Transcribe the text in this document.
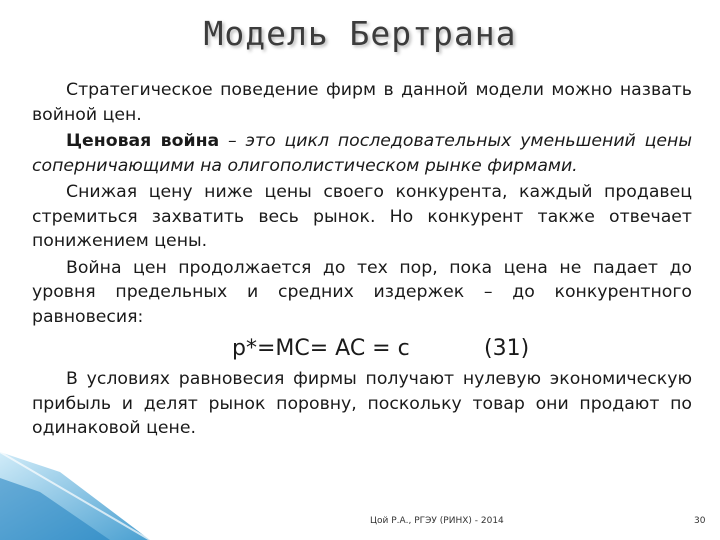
Модель Бертрана

Стратегическое поведение фирм в данной модели можно назвать войной цен.

Ценовая война – это цикл последовательных уменьшений цены соперничающими на олигополистическом рынке фирмами.

Снижая цену ниже цены своего конкурента, каждый продавец стремиться захватить весь рынок. Но конкурент также отвечает понижением цены.

Война цен продолжается до тех пор, пока цена не падает до уровня предельных и средних издержек – до конкурентного равновесия:

p*=MC= AC = c	(31)

В условиях равновесия фирмы получают нулевую экономическую прибыль и делят рынок поровну, поскольку товар они продают по одинаковой цене.

Цой Р.А., РГЭУ (РИНХ) - 2014	30
